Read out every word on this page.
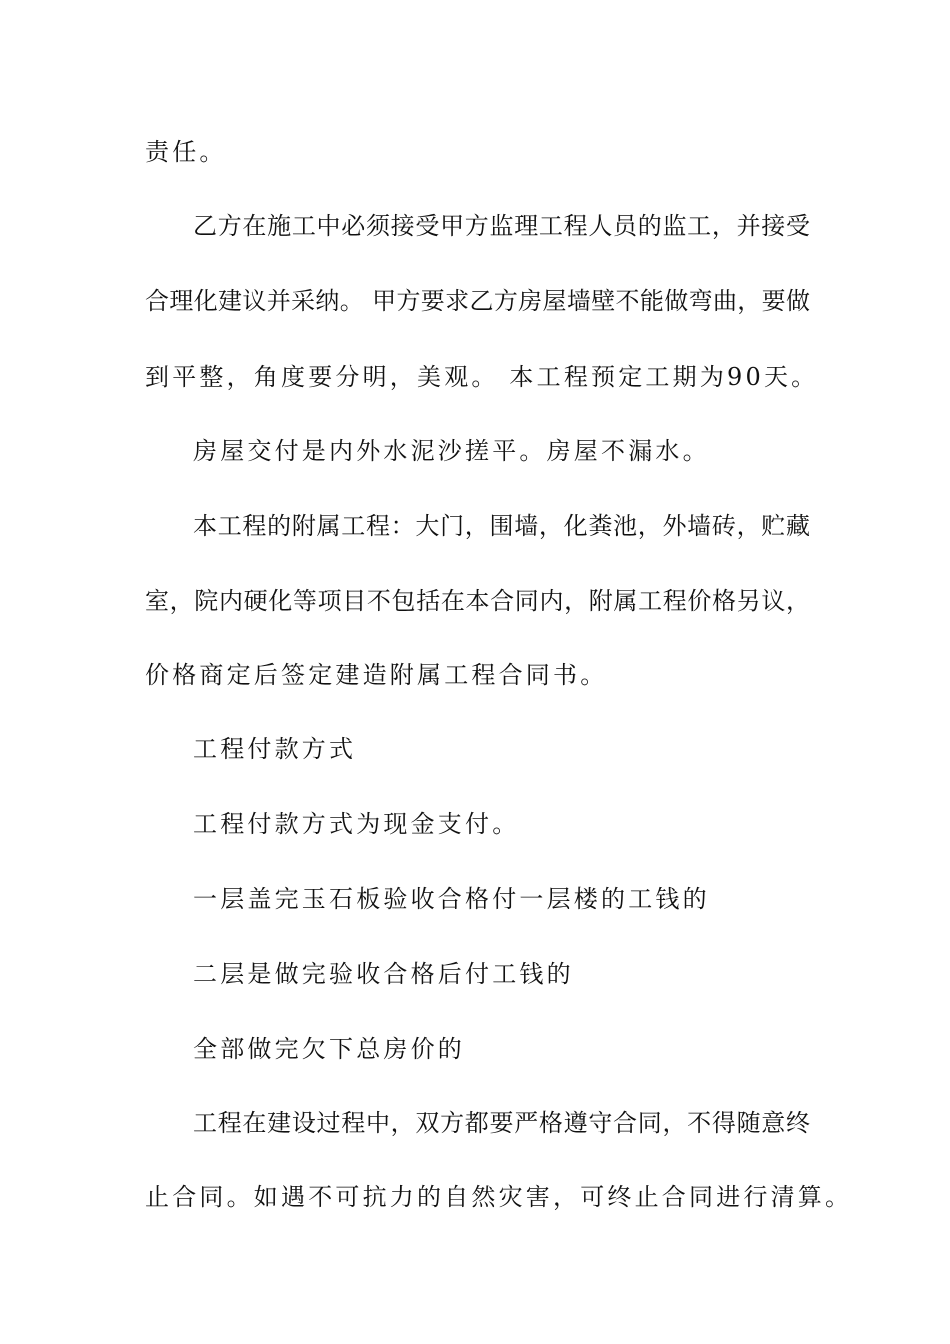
责任。
乙方在施工中必须接受甲方监理工程人员的监工，并接受
合理化建议并采纳。 甲方要求乙方房屋墙壁不能做弯曲，要做
到平整，角度要分明，美观。 本工程预定工期为90天。
房屋交付是内外水泥沙搓平。房屋不漏水。
本工程的附属工程：大门，围墙，化粪池，外墙砖，贮藏
室，院内硬化等项目不包括在本合同内，附属工程价格另议，
价格商定后签定建造附属工程合同书。
工程付款方式
工程付款方式为现金支付。
一层盖完玉石板验收合格付一层楼的工钱的
二层是做完验收合格后付工钱的
全部做完欠下总房价的
工程在建设过程中，双方都要严格遵守合同，不得随意终
止合同。如遇不可抗力的自然灾害，可终止合同进行清算。
